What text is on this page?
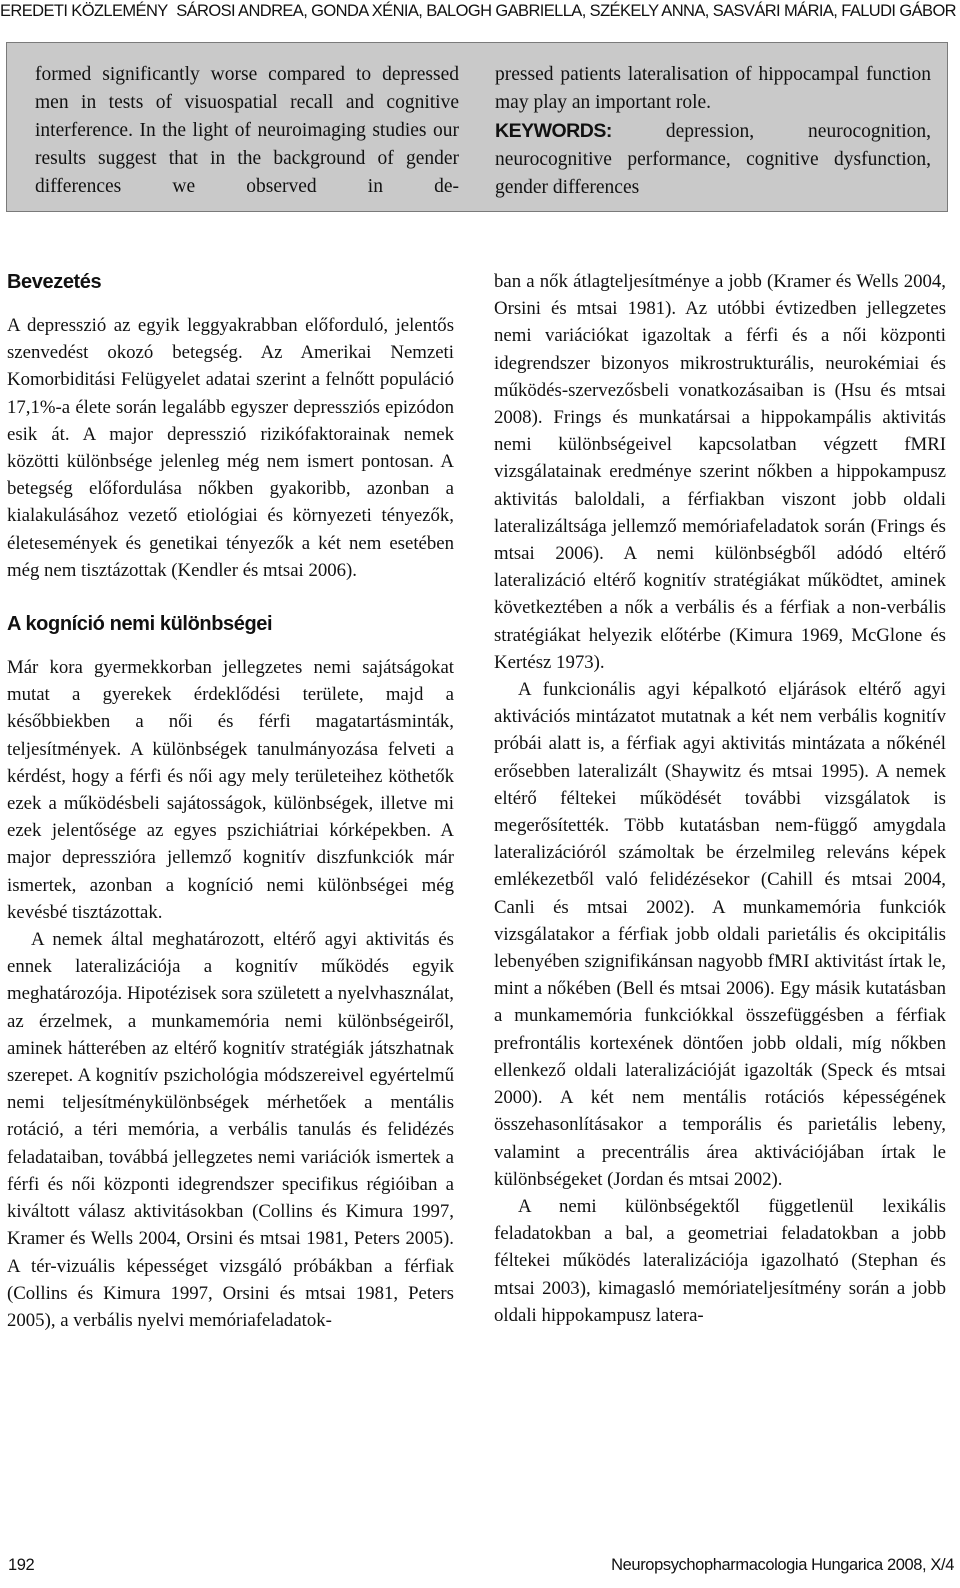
EREDETI KÖZLEMÉNY SÁROSI ANDREA, GONDA XÉNIA, BALOGH GABRIELLA, SZÉKELY ANNA, SASVÁRI MÁRIA, FALUDI GÁBOR
formed significantly worse compared to depressed men in tests of visuospatial recall and cognitive interference. In the light of neuroimaging studies our results suggest that in the background of gender differences we observed in de-
pressed patients lateralisation of hippocampal function may play an important role.
KEYWORDS: depression, neurocognition, neurocognitive performance, cognitive dysfunction, gender differences
Bevezetés

A depresszió az egyik leggyakrabban előforduló, jelentős szenvedést okozó betegség. Az Amerikai Nemzeti Komorbiditási Felügyelet adatai szerint a felnőtt populáció 17,1%-a élete során legalább egyszer depressziós epizódon esik át. A major depresszió rizikófaktorainak nemek közötti különbsége jelenleg még nem ismert pontosan. A betegség előfordulása nőkben gyakoribb, azonban a kialakulásához vezető etiológiai és környezeti tényezők, életesemények és genetikai tényezők a két nem esetében még nem tisztázottak (Kendler és mtsai 2006).

A kogníció nemi különbségei

Már kora gyermekkorban jellegzetes nemi sajátságokat mutat a gyerekek érdeklődési területe, majd a későbbiekben a női és férfi magatartásminták, teljesítmények. A különbségek tanulmányozása felveti a kérdést, hogy a férfi és női agy mely területeihez köthetők ezek a működésbeli sajátosságok, különbségek, illetve mi ezek jelentősége az egyes pszichiátriai kórképekben. A major depresszióra jellemző kognitív diszfunkciók már ismertek, azonban a kogníció nemi különbségei még kevésbé tisztázottak.

A nemek által meghatározott, eltérő agyi aktivitás és ennek lateralizációja a kognitív működés egyik meghatározója. Hipotézisek sora született a nyelvhasználat, az érzelmek, a munkamemória nemi különbségeiről, aminek hátterében az eltérő kognitív stratégiák játszhatnak szerepet. A kognitív pszichológia módszereivel egyértelmű nemi teljesítménykülönbségek mérhetőek a mentális rotáció, a téri memória, a verbális tanulás és felidézés feladataiban, továbbá jellegzetes nemi variációk ismertek a férfi és női központi idegrendszer specifikus régióiban a kiváltott válasz aktivitásokban (Collins és Kimura 1997, Kramer és Wells 2004, Orsini és mtsai 1981, Peters 2005). A tér-vizuális képességet vizsgáló próbákban a férfiak (Collins és Kimura 1997, Orsini és mtsai 1981, Peters 2005), a verbális nyelvi memóriafeladatok-

ban a nők átlagteljesítménye a jobb (Kramer és Wells 2004, Orsini és mtsai 1981). Az utóbbi évtizedben jellegzetes nemi variációkat igazoltak a férfi és a női központi idegrendszer bizonyos mikrostrukturális, neurokémiai és működés-szervezősbeli vonatkozásaiban is (Hsu és mtsai 2008). Frings és munkatársai a hippokampális aktivitás nemi különbségeivel kapcsolatban végzett fMRI vizsgálatainak eredménye szerint nőkben a hippokampusz aktivitás baloldali, a férfiakban viszont jobb oldali lateralizáltsága jellemző memóriafeladatok során (Frings és mtsai 2006). A nemi különbségből adódó eltérő lateralizáció eltérő kognitív stratégiákat működtet, aminek következtében a nők a verbális és a férfiak a non-verbális stratégiákat helyezik előtérbe (Kimura 1969, McGlone és Kertész 1973).

A funkcionális agyi képalkotó eljárások eltérő agyi aktivációs mintázatot mutatnak a két nem verbális kognitív próbái alatt is, a férfiak agyi aktivitás mintázata a nőkénél erősebben lateralizált (Shaywitz és mtsai 1995). A nemek eltérő féltekei működését további vizsgálatok is megerősítették. Több kutatásban nem-függő amygdala lateralizációról számoltak be érzelmileg releváns képek emlékezetből való felidézésekor (Cahill és mtsai 2004, Canli és mtsai 2002). A munkamemória funkciók vizsgálatakor a férfiak jobb oldali parietális és okcipitális lebenyében szignifikánsan nagyobb fMRI aktivitást írtak le, mint a nőkében (Bell és mtsai 2006). Egy másik kutatásban a munkamemória funkciókkal összefüggésben a férfiak prefrontális kortexének döntően jobb oldali, míg nőkben ellenkező oldali lateralizációját igazolták (Speck és mtsai 2000). A két nem mentális rotációs képességének összehasonlításakor a temporális és parietális lebeny, valamint a precentrális área aktivációjában írtak le különbségeket (Jordan és mtsai 2002).

A nemi különbségektől függetlenül lexikális feladatokban a bal, a geometriai feladatokban a jobb féltekei működés lateralizációja igazolható (Stephan és mtsai 2003), kimagasló memóriateljesítmény során a jobb oldali hippokampusz latera-

192	Neuropsychopharmacologia Hungarica 2008, X/4
